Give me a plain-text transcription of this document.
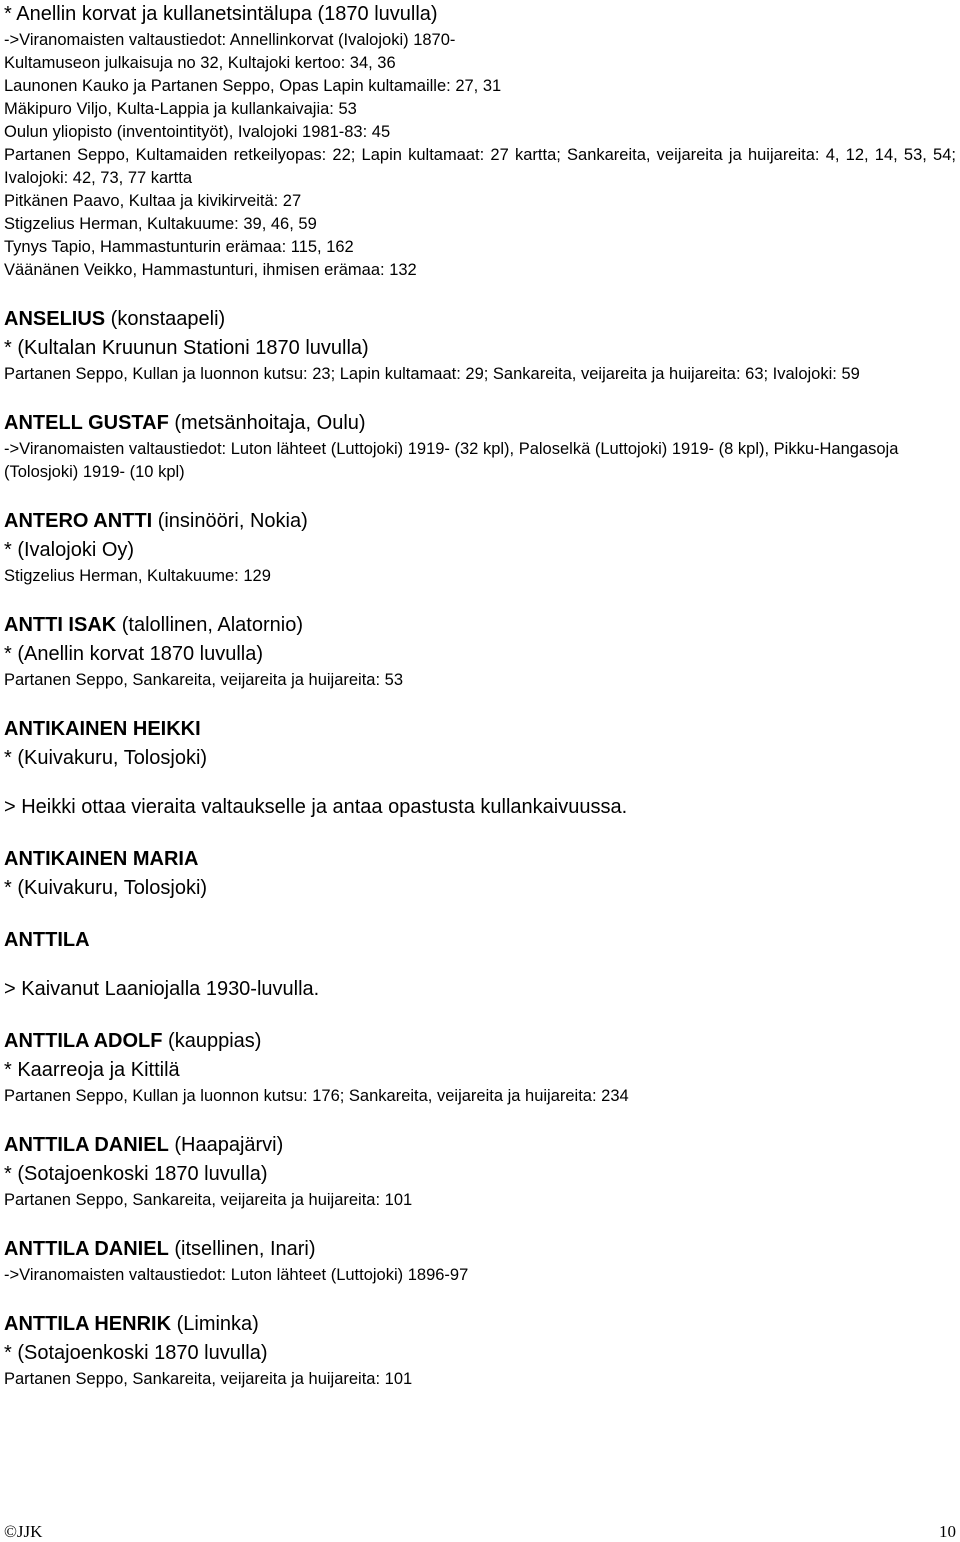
* Anellin korvat ja kullanetsintälupa (1870 luvulla)

->Viranomaisten valtaustiedot: Annellinkorvat (Ivalojoki) 1870-

Kultamuseon julkaisuja no 32, Kultajoki kertoo: 34, 36

Launonen Kauko ja Partanen Seppo, Opas Lapin kultamaille: 27, 31

Mäkipuro Viljo, Kulta-Lappia ja kullankaivajia: 53

Oulun yliopisto (inventointityöt), Ivalojoki 1981-83: 45

Partanen Seppo, Kultamaiden retkeilyopas: 22; Lapin kultamaat: 27 kartta; Sankareita, veijareita ja huijareita: 4, 12, 14, 53, 54; Ivalojoki: 42, 73, 77 kartta

Pitkänen Paavo, Kultaa ja kivikirveitä: 27

Stigzelius Herman, Kultakuume: 39, 46, 59

Tynys Tapio, Hammastunturin erämaa: 115, 162

Väänänen Veikko, Hammastunturi, ihmisen erämaa: 132

ANSELIUS (konstaapeli)

* (Kultalan Kruunun Stationi 1870 luvulla)

Partanen Seppo, Kullan ja luonnon kutsu: 23; Lapin kultamaat: 29; Sankareita, veijareita ja huijareita: 63; Ivalojoki: 59

ANTELL GUSTAF (metsänhoitaja, Oulu)

->Viranomaisten valtaustiedot: Luton lähteet (Luttojoki) 1919- (32 kpl), Paloselkä (Luttojoki) 1919- (8 kpl), Pikku-Hangasoja (Tolosjoki) 1919- (10 kpl)

ANTERO ANTTI (insinööri, Nokia)

* (Ivalojoki Oy)

Stigzelius Herman, Kultakuume: 129

ANTTI ISAK (talollinen, Alatornio)

* (Anellin korvat 1870 luvulla)

Partanen Seppo, Sankareita, veijareita ja huijareita: 53

ANTIKAINEN HEIKKI

* (Kuivakuru, Tolosjoki)

> Heikki ottaa vieraita valtaukselle ja antaa opastusta kullankaivuussa.

ANTIKAINEN MARIA

* (Kuivakuru, Tolosjoki)

ANTTILA

> Kaivanut Laaniojalla 1930-luvulla.

ANTTILA ADOLF (kauppias)

* Kaarreoja ja Kittilä

Partanen Seppo, Kullan ja luonnon kutsu: 176; Sankareita, veijareita ja huijareita: 234

ANTTILA DANIEL (Haapajärvi)

* (Sotajoenkoski 1870 luvulla)

Partanen Seppo, Sankareita, veijareita ja huijareita: 101

ANTTILA DANIEL (itsellinen, Inari)

->Viranomaisten valtaustiedot: Luton lähteet (Luttojoki) 1896-97

ANTTILA HENRIK (Liminka)

* (Sotajoenkoski 1870 luvulla)

Partanen Seppo, Sankareita, veijareita ja huijareita: 101

©JJK	10
